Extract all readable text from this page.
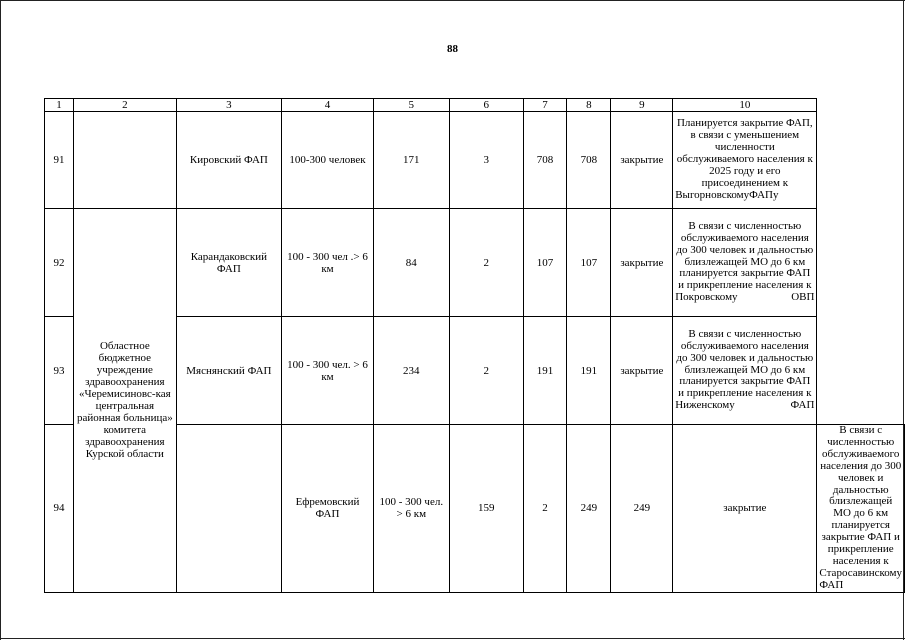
88
1	2	3	4	5	6	7	8	9	10	
91		Кировский ФАП	100-300 человек	171	3	708	708	закрытие	Планируется закрытие ФАП, в связи с уменьшением численности обслуживаемого населения к 2025 году и его присоединением к ВыгорновскомуФАПу	
92	Областное бюджетное учреждение здравоохранения «Черемисиновс-кая центральная районная больница» комитета здравоохранения Курской области	Карандаковский ФАП	100 - 300 чел .> 6 км	84	2	107	107	закрытие	В связи с численностью обслуживаемого населения до 300 человек и дальностью близлежащей МО до 6 км планируется закрытие ФАП и прикрепление населения к Покровскому ОВП	
93		Мяснянский ФАП	100 - 300 чел. > 6 км	234	2	191	191	закрытие	В связи с численностью обслуживаемого населения до 300 человек и дальностью близлежащей МО до 6 км планируется закрытие ФАП и прикрепление населения к Ниженскому ФАП	
94			Ефремовский ФАП	100 - 300 чел. > 6 км	159	2	249	249	закрытие	В связи с численностью обслуживаемого населения до 300 человек и дальностью близлежащей МО до 6 км планируется закрытие ФАП и прикрепление населения к Старосавинскому ФАП
